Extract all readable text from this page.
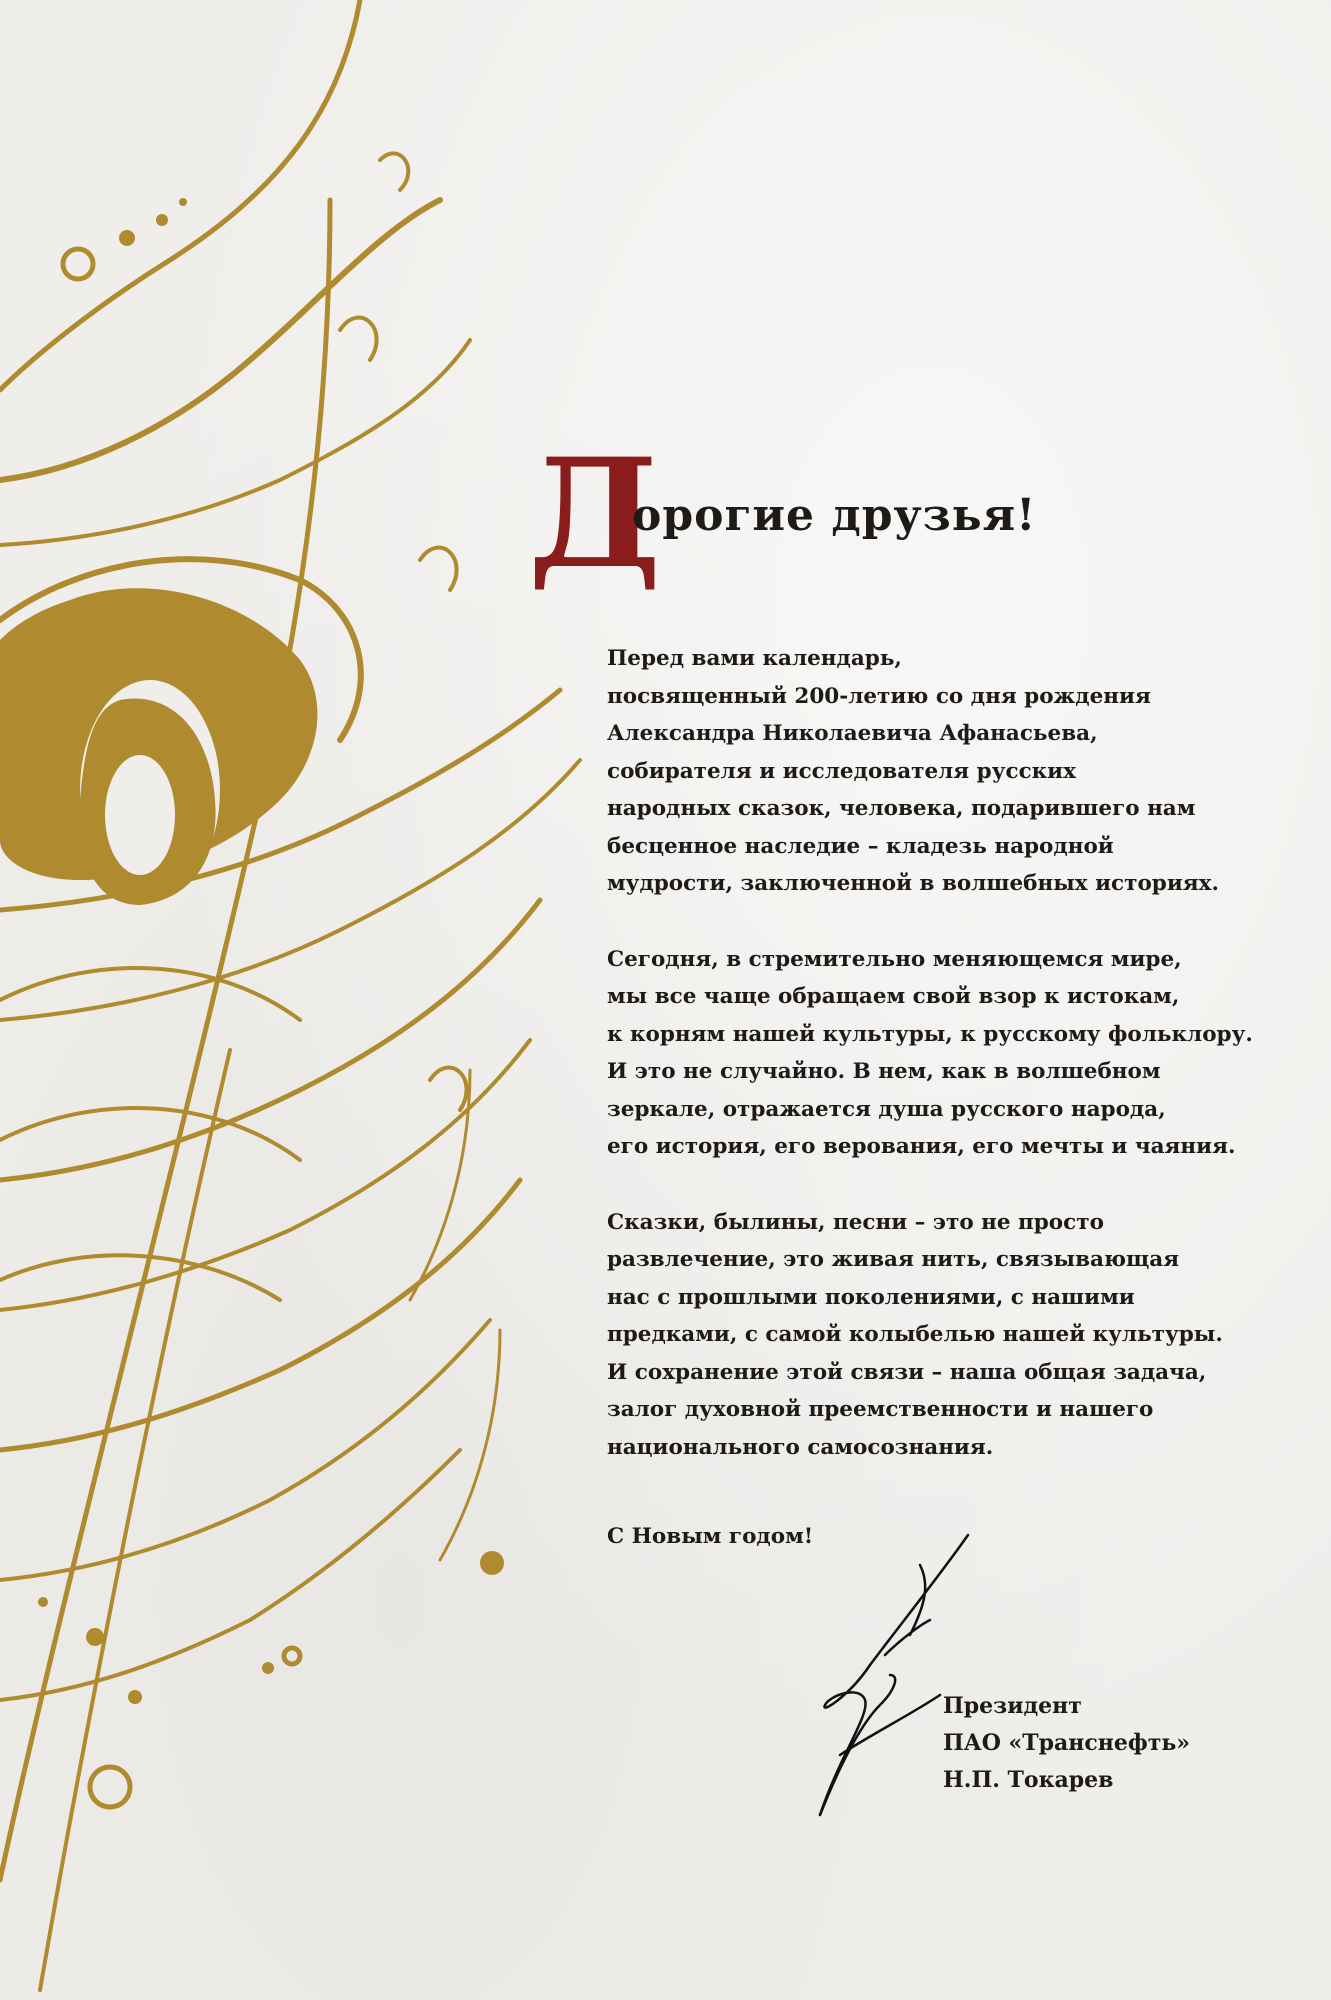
Д
орогие друзья!

Перед вами календарь,
посвященный 200-летию со дня рождения
Александра Николаевича Афанасьева,
собирателя и исследователя русских
народных сказок, человека, подарившего нам
бесценное наследие – кладезь народной
мудрости, заключенной в волшебных историях.

Сегодня, в стремительно меняющемся мире,
мы все чаще обращаем свой взор к истокам,
к корням нашей культуры, к русскому фольклору.
И это не случайно. В нем, как в волшебном
зеркале, отражается душа русского народа,
его история, его верования, его мечты и чаяния.

Сказки, былины, песни – это не просто
развлечение, это живая нить, связывающая
нас с прошлыми поколениями, с нашими
предками, с самой колыбелью нашей культуры.
И сохранение этой связи – наша общая задача,
залог духовной преемственности и нашего
национального самосознания.

С Новым годом!
Президент
ПАО «Транснефть»
Н.П. Токарев
